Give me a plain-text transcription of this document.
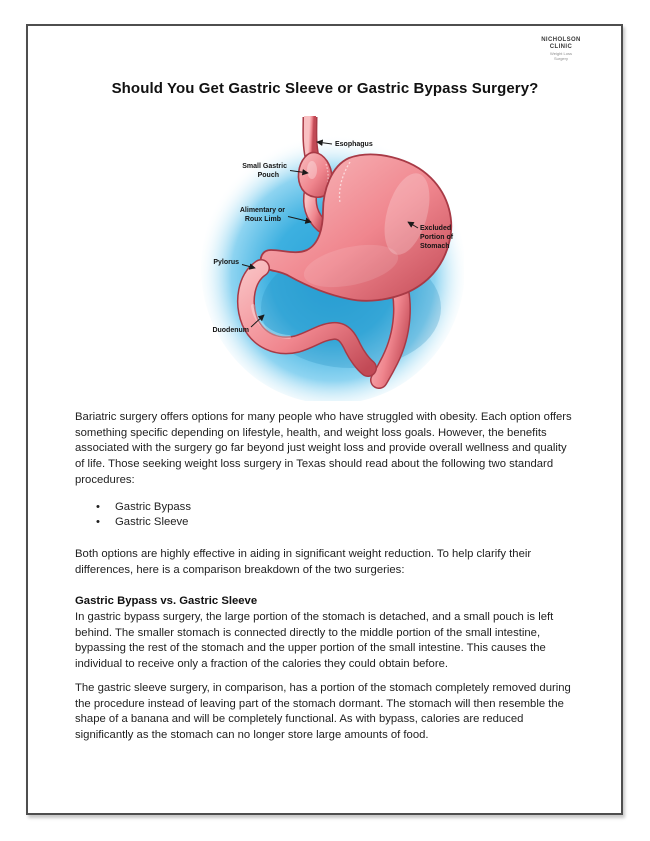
NICHOLSON
CLINIC
Weight Loss Surgery
Should You Get Gastric Sleeve or Gastric Bypass Surgery?
Esophagus
Small Gastric
Pouch
Alimentary or
Roux Limb
Pylorus
Duodenum
Excluded
Portion of
Stomach

Bariatric surgery offers options for many people who have struggled with obesity. Each option offers something specific depending on lifestyle, health, and weight loss goals. However, the benefits associated with the surgery go far beyond just weight loss and provide overall wellness and quality of life. Those seeking weight loss surgery in Texas should read about the following two standard procedures:

• Gastric Bypass
• Gastric Sleeve

Both options are highly effective in aiding in significant weight reduction. To help clarify their differences, here is a comparison breakdown of the two surgeries:

Gastric Bypass vs. Gastric Sleeve

In gastric bypass surgery, the large portion of the stomach is detached, and a small pouch is left behind. The smaller stomach is connected directly to the middle portion of the small intestine, bypassing the rest of the stomach and the upper portion of the small intestine. This causes the individual to receive only a fraction of the calories they could obtain before.

The gastric sleeve surgery, in comparison, has a portion of the stomach completely removed during the procedure instead of leaving part of the stomach dormant. The stomach will then resemble the shape of a banana and will be completely functional. As with bypass, calories are reduced significantly as the stomach can no longer store large amounts of food.
